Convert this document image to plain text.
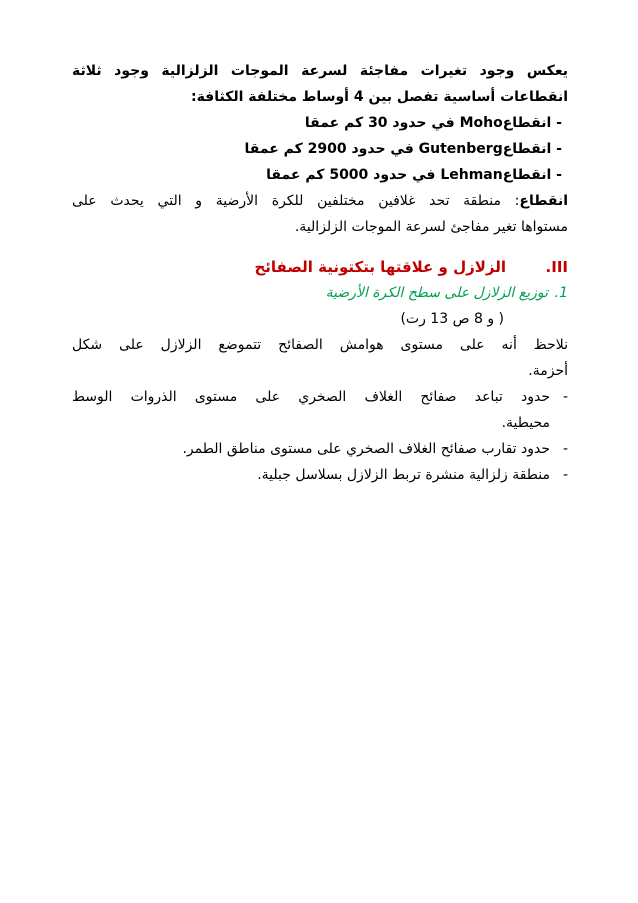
يعكس وجود تغيرات مفاجئة لسرعة الموجات الزلزالية وجود ثلاثة
انقطاعات أساسية تفصل بين 4 أوساط مختلفة الكثافة:
- انقطاعMoho في حدود 30 كم عمقا
- انقطاعGutenberg في حدود 2900 كم عمقا
- انقطاعLehman في حدود 5000 كم عمقا
انقطاع: منطقة تحد غلافين مختلفين للكرة الأرضية و التي يحدث على
مستواها تغير مفاجئ لسرعة الموجات الزلزالية.
III.الزلازل و علاقتها بتكتونية الصفائح
1.توزيع الزلازل على سطح الكرة الأرضية
( و 8 ص 13 رت)
نلاحظ أنه على مستوى هوامش الصفائح تتموضع الزلازل على شكل
أحزمة.
-حدود تباعد صفائح الغلاف الصخري على مستوى الذروات الوسط
محيطية.
-حدود تقارب صفائح الغلاف الصخري على مستوى مناطق الطمر.
-منطقة زلزالية منشرة تربط الزلازل بسلاسل جبلية.
